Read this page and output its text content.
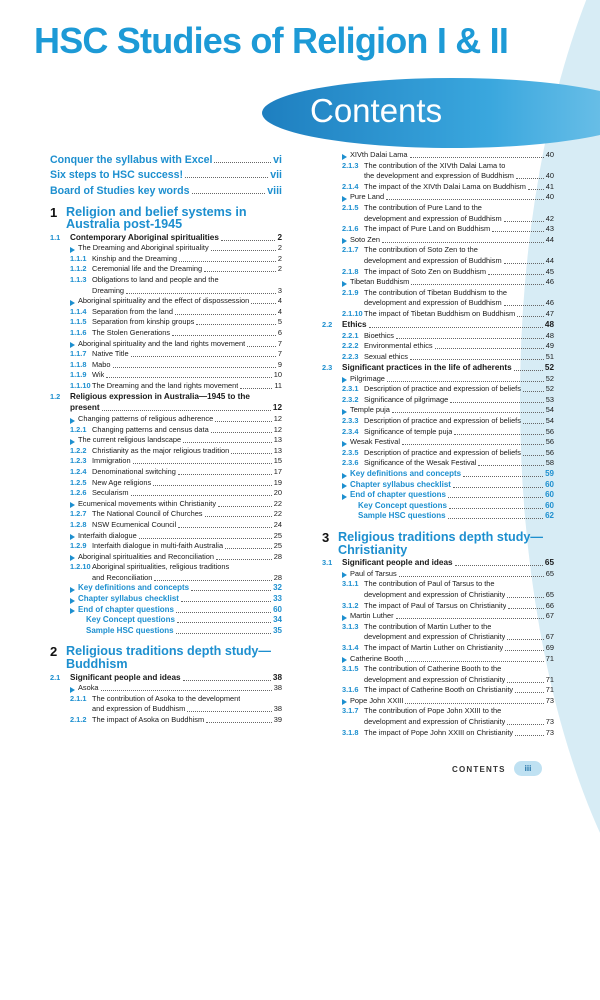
HSC Studies of Religion I & II
Contents
Conquer the syllabus with Excel	vi
Six steps to HSC success!	vii
Board of Studies key words	viii
1 Religion and belief systems in Australia post-1945
1.1	Contemporary Aboriginal spiritualities	2
The Dreaming and Aboriginal spirituality	2
1.1.1 Kinship and the Dreaming	2
1.1.2 Ceremonial life and the Dreaming	2
1.1.3 Obligations to land and people and the
Dreaming	3
Aboriginal spirituality and the effect of dispossession	4
1.1.4 Separation from the land	4
1.1.5 Separation from kinship groups	5
1.1.6 The Stolen Generations	6
Aboriginal spirituality and the land rights movement	7
1.1.7 Native Title	7
1.1.8 Mabo	9
1.1.9 Wik	10
1.1.10 The Dreaming and the land rights movement	11
1.2	Religious expression in Australia—1945 to the
present	12
Changing patterns of religious adherence	12
1.2.1 Changing patterns and census data	12
The current religious landscape	13
1.2.2 Christianity as the major religious tradition	13
1.2.3 Immigration	15
1.2.4 Denominational switching	17
1.2.5 New Age religions	19
1.2.6 Secularism	20
Ecumenical movements within Christianity	22
1.2.7 The National Council of Churches	22
1.2.8 NSW Ecumenical Council	24
Interfaith dialogue	25
1.2.9 Interfaith dialogue in multi-faith Australia	25
Aboriginal spiritualities and Reconciliation	28
1.2.10 Aboriginal spiritualities, religious traditions
and Reconciliation	28
Key definitions and concepts	32
Chapter syllabus checklist	33
End of chapter questions	60
Key Concept questions	34
Sample HSC questions	35
2 Religious traditions depth study—Buddhism
2.1	Significant people and ideas	38
Asoka	38
2.1.1 The contribution of Asoka to the development
and expression of Buddhism	38
2.1.2 The impact of Asoka on Buddhism	39
XIVth Dalai Lama	40
2.1.3 The contribution of the XIVth Dalai Lama to
the development and expression of Buddhism	40
2.1.4 The impact of the XIVth Dalai Lama on Buddhism	41
Pure Land	40
2.1.5 The contribution of Pure Land to the
development and expression of Buddhism	42
2.1.6 The impact of Pure Land on Buddhism	43
Soto Zen	44
2.1.7 The contribution of Soto Zen to the
development and expression of Buddhism	44
2.1.8 The impact of Soto Zen on Buddhism	45
Tibetan Buddhism	46
2.1.9 The contribution of Tibetan Buddhism to the
development and expression of Buddhism	46
2.1.10 The impact of Tibetan Buddhism on Buddhism	47
2.2	Ethics	48
2.2.1 Bioethics	48
2.2.2 Environmental ethics	49
2.2.3 Sexual ethics	51
2.3	Significant practices in the life of adherents	52
Pilgrimage	52
2.3.1 Description of practice and expression of beliefs	52
2.3.2 Significance of pilgrimage	53
Temple puja	54
2.3.3 Description of practice and expression of beliefs	54
2.3.4 Significance of temple puja	56
Wesak Festival	56
2.3.5 Description of practice and expression of beliefs	56
2.3.6 Significance of the Wesak Festival	58
Key definitions and concepts	59
Chapter syllabus checklist	60
End of chapter questions	60
Key Concept questions	60
Sample HSC questions	62
3 Religious traditions depth study—Christianity
3.1	Significant people and ideas	65
Paul of Tarsus	65
3.1.1 The contribution of Paul of Tarsus to the
development and expression of Christianity	65
3.1.2 The impact of Paul of Tarsus on Christianity	66
Martin Luther	67
3.1.3 The contribution of Martin Luther to the
development and expression of Christianity	67
3.1.4 The impact of Martin Luther on Christianity	69
Catherine Booth	71
3.1.5 The contribution of Catherine Booth to the
development and expression of Christianity	71
3.1.6 The impact of Catherine Booth on Christianity	71
Pope John XXIII	73
3.1.7 The contribution of Pope John XXIII to the
development and expression of Christianity	73
3.1.8 The impact of Pope John XXIII on Christianity	73
CONTENTS	iii
